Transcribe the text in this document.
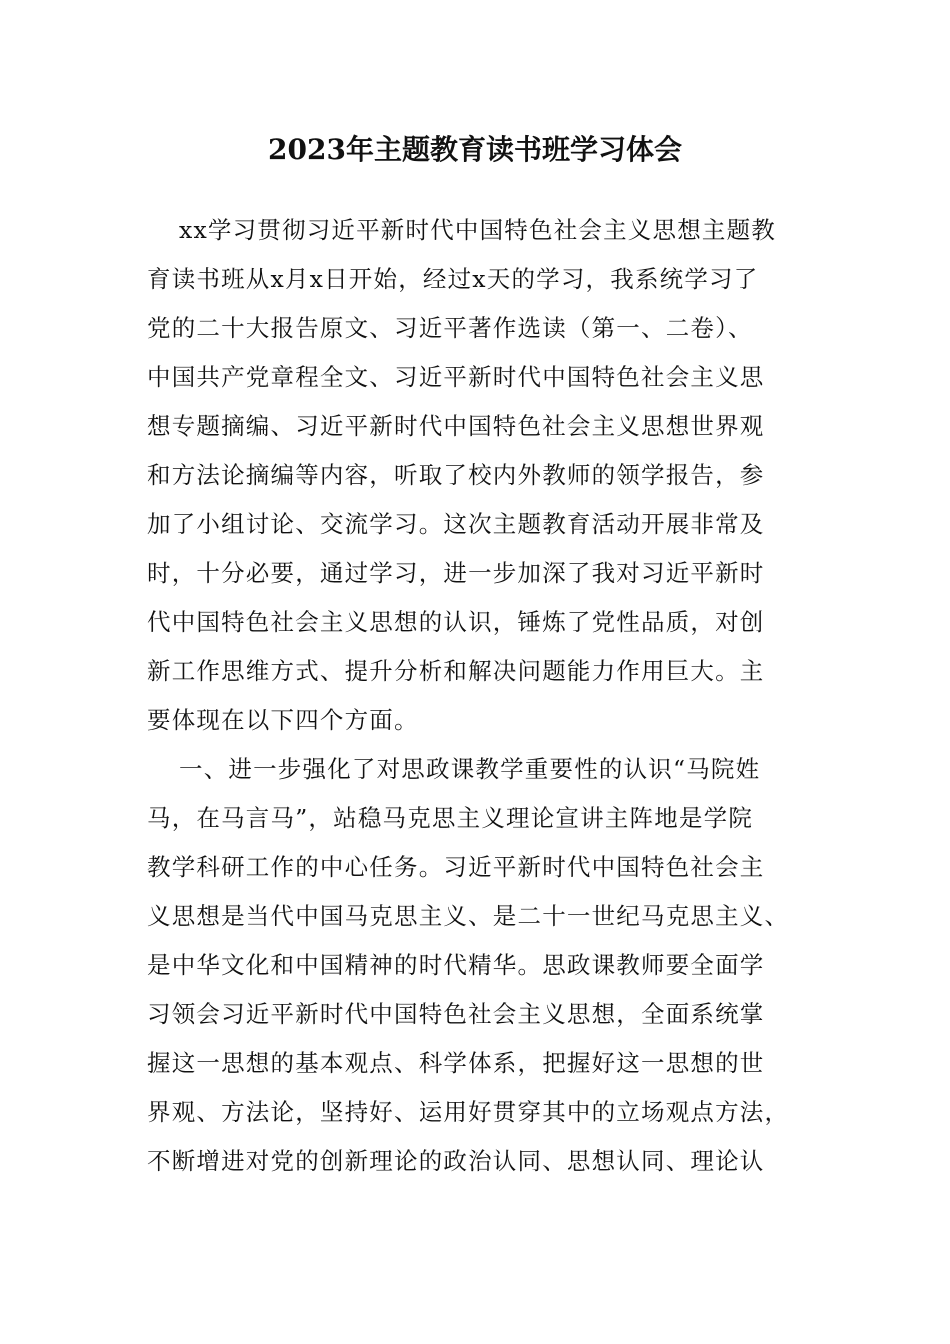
2023年主题教育读书班学习体会
xx学习贯彻习近平新时代中国特色社会主义思想主题教
育读书班从x月x日开始，经过x天的学习，我系统学习了
党的二十大报告原文、习近平著作选读（第一、二卷）、
中国共产党章程全文、习近平新时代中国特色社会主义思
想专题摘编、习近平新时代中国特色社会主义思想世界观
和方法论摘编等内容，听取了校内外教师的领学报告，参
加了小组讨论、交流学习。这次主题教育活动开展非常及
时，十分必要，通过学习，进一步加深了我对习近平新时
代中国特色社会主义思想的认识，锤炼了党性品质，对创
新工作思维方式、提升分析和解决问题能力作用巨大。主
要体现在以下四个方面。
一、进一步强化了对思政课教学重要性的认识“马院姓
马，在马言马”，站稳马克思主义理论宣讲主阵地是学院
教学科研工作的中心任务。习近平新时代中国特色社会主
义思想是当代中国马克思主义、是二十一世纪马克思主义、
是中华文化和中国精神的时代精华。思政课教师要全面学
习领会习近平新时代中国特色社会主义思想，全面系统掌
握这一思想的基本观点、科学体系，把握好这一思想的世
界观、方法论，坚持好、运用好贯穿其中的立场观点方法，
不断增进对党的创新理论的政治认同、思想认同、理论认
